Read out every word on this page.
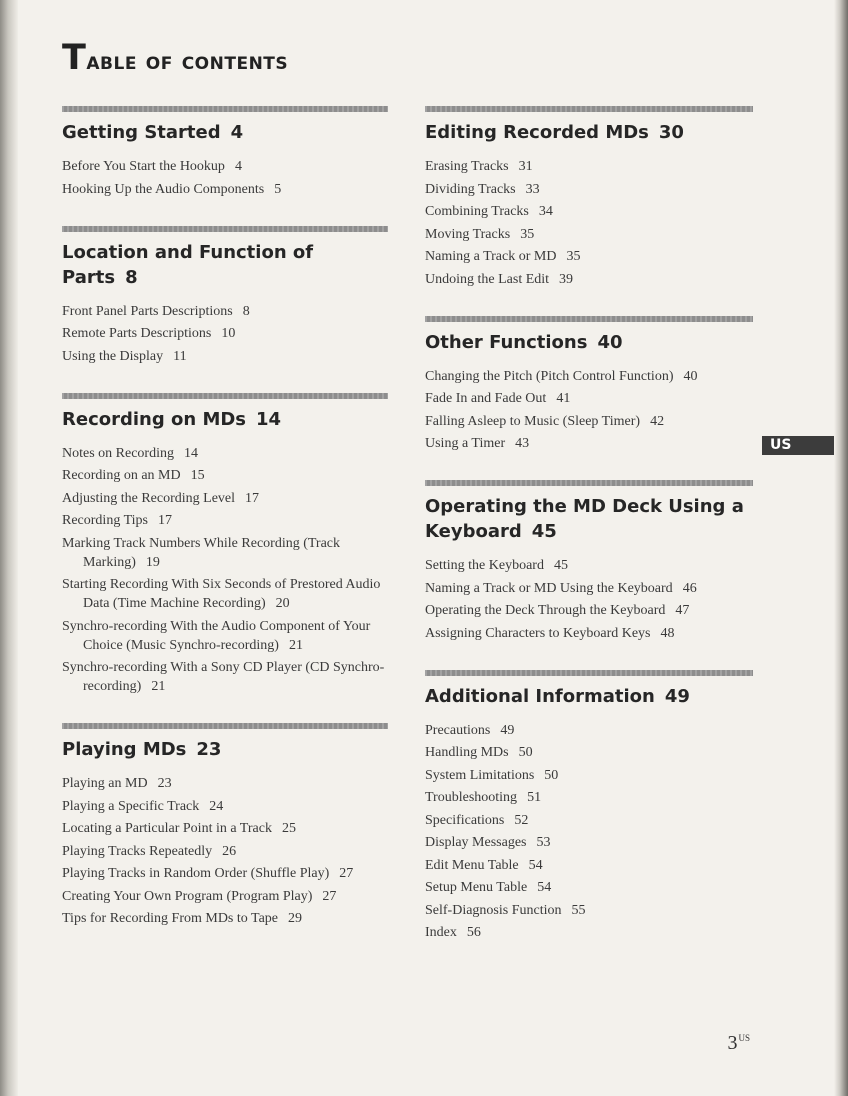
Table of contents
Getting Started 4
Before You Start the Hookup 4
Hooking Up the Audio Components 5
Location and Function of Parts 8
Front Panel Parts Descriptions 8
Remote Parts Descriptions 10
Using the Display 11
Recording on MDs 14
Notes on Recording 14
Recording on an MD 15
Adjusting the Recording Level 17
Recording Tips 17
Marking Track Numbers While Recording (Track Marking) 19
Starting Recording With Six Seconds of Prestored Audio Data (Time Machine Recording) 20
Synchro-recording With the Audio Component of Your Choice (Music Synchro-recording) 21
Synchro-recording With a Sony CD Player (CD Synchro-recording) 21
Playing MDs 23
Playing an MD 23
Playing a Specific Track 24
Locating a Particular Point in a Track 25
Playing Tracks Repeatedly 26
Playing Tracks in Random Order (Shuffle Play) 27
Creating Your Own Program (Program Play) 27
Tips for Recording From MDs to Tape 29
Editing Recorded MDs 30
Erasing Tracks 31
Dividing Tracks 33
Combining Tracks 34
Moving Tracks 35
Naming a Track or MD 35
Undoing the Last Edit 39
Other Functions 40
Changing the Pitch (Pitch Control Function) 40
Fade In and Fade Out 41
Falling Asleep to Music (Sleep Timer) 42
Using a Timer 43
Operating the MD Deck Using a Keyboard 45
Setting the Keyboard 45
Naming a Track or MD Using the Keyboard 46
Operating the Deck Through the Keyboard 47
Assigning Characters to Keyboard Keys 48
Additional Information 49
Precautions 49
Handling MDs 50
System Limitations 50
Troubleshooting 51
Specifications 52
Display Messages 53
Edit Menu Table 54
Setup Menu Table 54
Self-Diagnosis Function 55
Index 56
US
$3^{US}$
